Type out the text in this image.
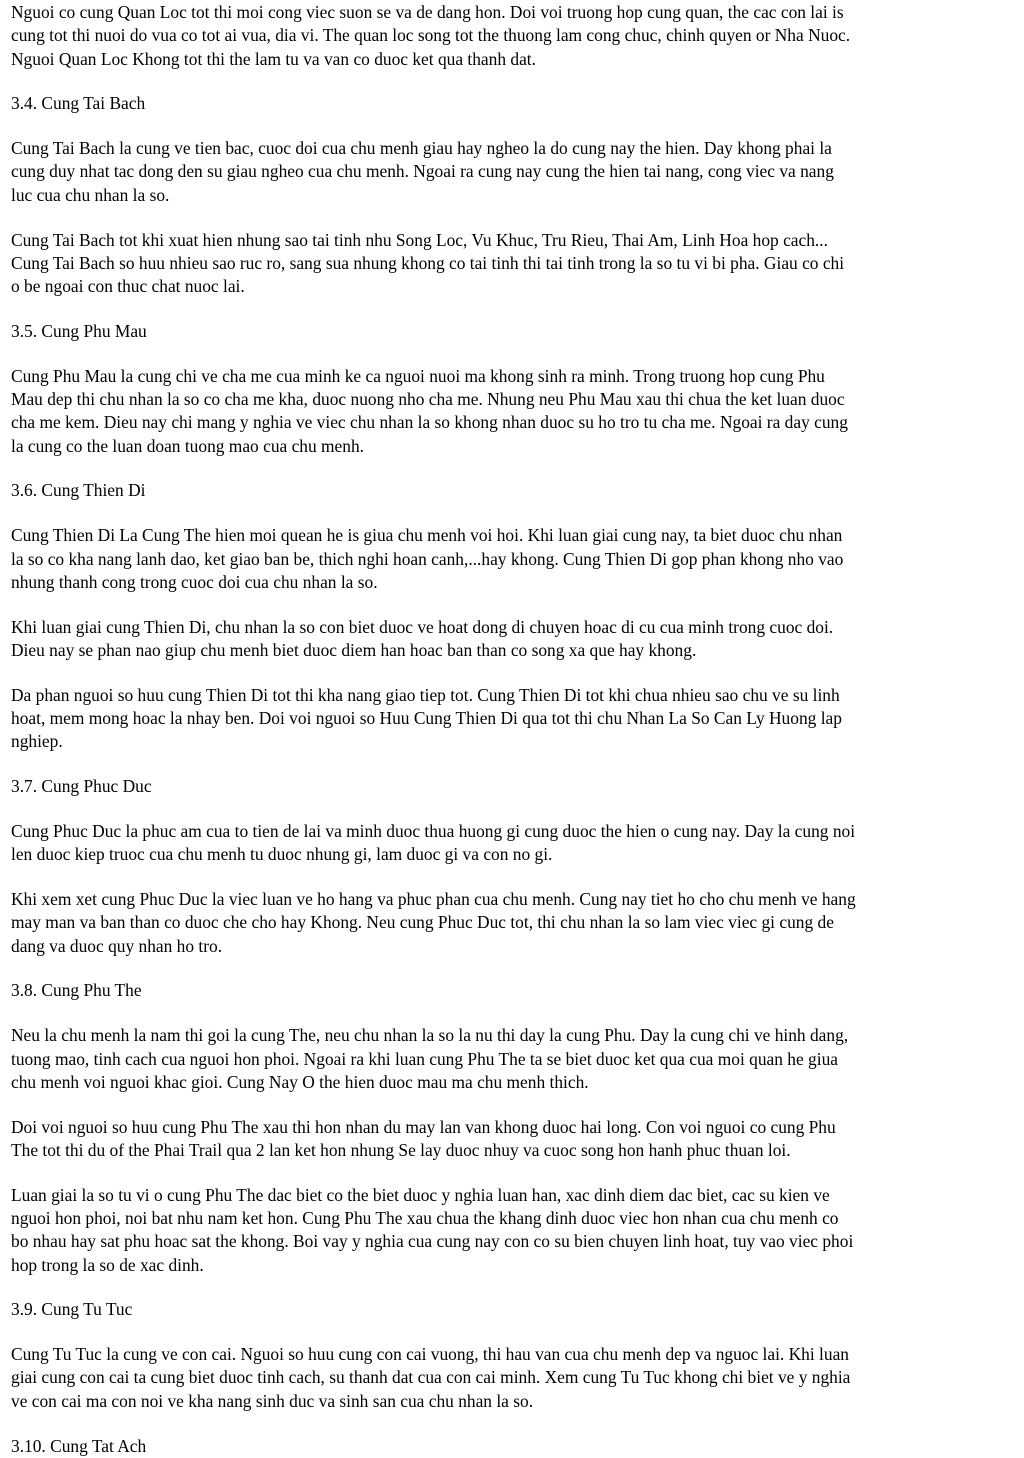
Nguoi co cung Quan Loc tot thi moi cong viec suon se va de dang hon. Doi voi truong hop cung quan, the cac con lai is
cung tot thi nuoi do vua co tot ai vua, dia vi. The quan loc song tot the thuong lam cong chuc, chinh quyen or Nha Nuoc.
Nguoi Quan Loc Khong tot thi the lam tu va van co duoc ket qua thanh dat.

3.4. Cung Tai Bach

Cung Tai Bach la cung ve tien bac, cuoc doi cua chu menh giau hay ngheo la do cung nay the hien. Day khong phai la
cung duy nhat tac dong den su giau ngheo cua chu menh. Ngoai ra cung nay cung the hien tai nang, cong viec va nang
luc cua chu nhan la so.

Cung Tai Bach tot khi xuat hien nhung sao tai tinh nhu Song Loc, Vu Khuc, Tru Rieu, Thai Am, Linh Hoa hop cach...
Cung Tai Bach so huu nhieu sao ruc ro, sang sua nhung khong co tai tinh thi tai tinh trong la so tu vi bi pha. Giau co chi
o be ngoai con thuc chat nuoc lai.

3.5. Cung Phu Mau

Cung Phu Mau la cung chi ve cha me cua minh ke ca nguoi nuoi ma khong sinh ra minh. Trong truong hop cung Phu
Mau dep thi chu nhan la so co cha me kha, duoc nuong nho cha me. Nhung neu Phu Mau xau thi chua the ket luan duoc
cha me kem. Dieu nay chi mang y nghia ve viec chu nhan la so khong nhan duoc su ho tro tu cha me. Ngoai ra day cung
la cung co the luan doan tuong mao cua chu menh.

3.6. Cung Thien Di

Cung Thien Di La Cung The hien moi quean he is giua chu menh voi hoi. Khi luan giai cung nay, ta biet duoc chu nhan
la so co kha nang lanh dao, ket giao ban be, thich nghi hoan canh,...hay khong. Cung Thien Di gop phan khong nho vao
nhung thanh cong trong cuoc doi cua chu nhan la so.

Khi luan giai cung Thien Di, chu nhan la so con biet duoc ve hoat dong di chuyen hoac di cu cua minh trong cuoc doi.
Dieu nay se phan nao giup chu menh biet duoc diem han hoac ban than co song xa que hay khong.

Da phan nguoi so huu cung Thien Di tot thi kha nang giao tiep tot. Cung Thien Di tot khi chua nhieu sao chu ve su linh
hoat, mem mong hoac la nhay ben. Doi voi nguoi so Huu Cung Thien Di qua tot thi chu Nhan La So Can Ly Huong lap
nghiep.

3.7. Cung Phuc Duc

Cung Phuc Duc la phuc am cua to tien de lai va minh duoc thua huong gi cung duoc the hien o cung nay. Day la cung noi
len duoc kiep truoc cua chu menh tu duoc nhung gi, lam duoc gi va con no gi.

Khi xem xet cung Phuc Duc la viec luan ve ho hang va phuc phan cua chu menh. Cung nay tiet ho cho chu menh ve hang
may man va ban than co duoc che cho hay Khong. Neu cung Phuc Duc tot, thi chu nhan la so lam viec viec gi cung de
dang va duoc quy nhan ho tro.

3.8. Cung Phu The

Neu la chu menh la nam thi goi la cung The, neu chu nhan la so la nu thi day la cung Phu. Day la cung chi ve hinh dang,
tuong mao, tinh cach cua nguoi hon phoi. Ngoai ra khi luan cung Phu The ta se biet duoc ket qua cua moi quan he giua
chu menh voi nguoi khac gioi. Cung Nay O the hien duoc mau ma chu menh thich.

Doi voi nguoi so huu cung Phu The xau thi hon nhan du may lan van khong duoc hai long. Con voi nguoi co cung Phu
The tot thi du of the Phai Trail qua 2 lan ket hon nhung Se lay duoc nhuy va cuoc song hon hanh phuc thuan loi.

Luan giai la so tu vi o cung Phu The dac biet co the biet duoc y nghia luan han, xac dinh diem dac biet, cac su kien ve
nguoi hon phoi, noi bat nhu nam ket hon. Cung Phu The xau chua the khang dinh duoc viec hon nhan cua chu menh co
bo nhau hay sat phu hoac sat the khong. Boi vay y nghia cua cung nay con co su bien chuyen linh hoat, tuy vao viec phoi
hop trong la so de xac dinh.

3.9. Cung Tu Tuc

Cung Tu Tuc la cung ve con cai. Nguoi so huu cung con cai vuong, thi hau van cua chu menh dep va nguoc lai. Khi luan
giai cung con cai ta cung biet duoc tinh cach, su thanh dat cua con cai minh. Xem cung Tu Tuc khong chi biet ve y nghia
ve con cai ma con noi ve kha nang sinh duc va sinh san cua chu nhan la so.

3.10. Cung Tat Ach
